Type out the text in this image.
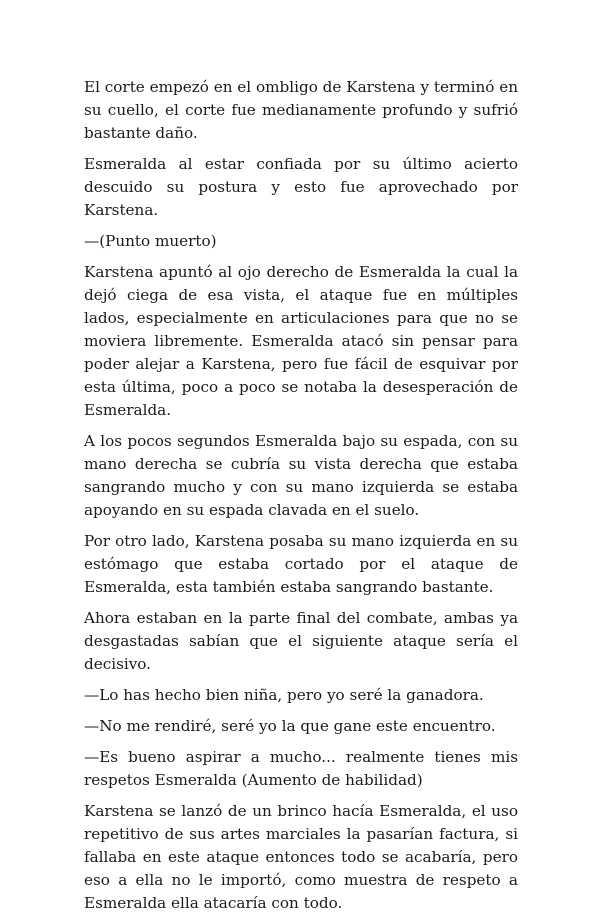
El corte empezó en el ombligo de Karstena y terminó en su cuello, el corte fue medianamente profundo y sufrió bastante daño.

Esmeralda al estar confiada por su último acierto descuido su postura y esto fue aprovechado por Karstena.

—(Punto muerto)

Karstena apuntó al ojo derecho de Esmeralda la cual la dejó ciega de esa vista, el ataque fue en múltiples lados, especialmente en articulaciones para que no se moviera libremente. Esmeralda atacó sin pensar para poder alejar a Karstena, pero fue fácil de esquivar por esta última, poco a poco se notaba la desesperación de Esmeralda.

A los pocos segundos Esmeralda bajo su espada, con su mano derecha se cubría su vista derecha que estaba sangrando mucho y con su mano izquierda se estaba apoyando en su espada clavada en el suelo.

Por otro lado, Karstena posaba su mano izquierda en su estómago que estaba cortado por el ataque de Esmeralda, esta también estaba sangrando bastante.

Ahora estaban en la parte final del combate, ambas ya desgastadas sabían que el siguiente ataque sería el decisivo.

—Lo has hecho bien niña, pero yo seré la ganadora.

—No me rendiré, seré yo la que gane este encuentro.

—Es bueno aspirar a mucho... realmente tienes mis respetos Esmeralda (Aumento de habilidad)

Karstena se lanzó de un brinco hacía Esmeralda, el uso repetitivo de sus artes marciales la pasarían factura, si fallaba en este ataque entonces todo se acabaría, pero eso a ella no le importó, como muestra de respeto a Esmeralda ella atacaría con todo.
